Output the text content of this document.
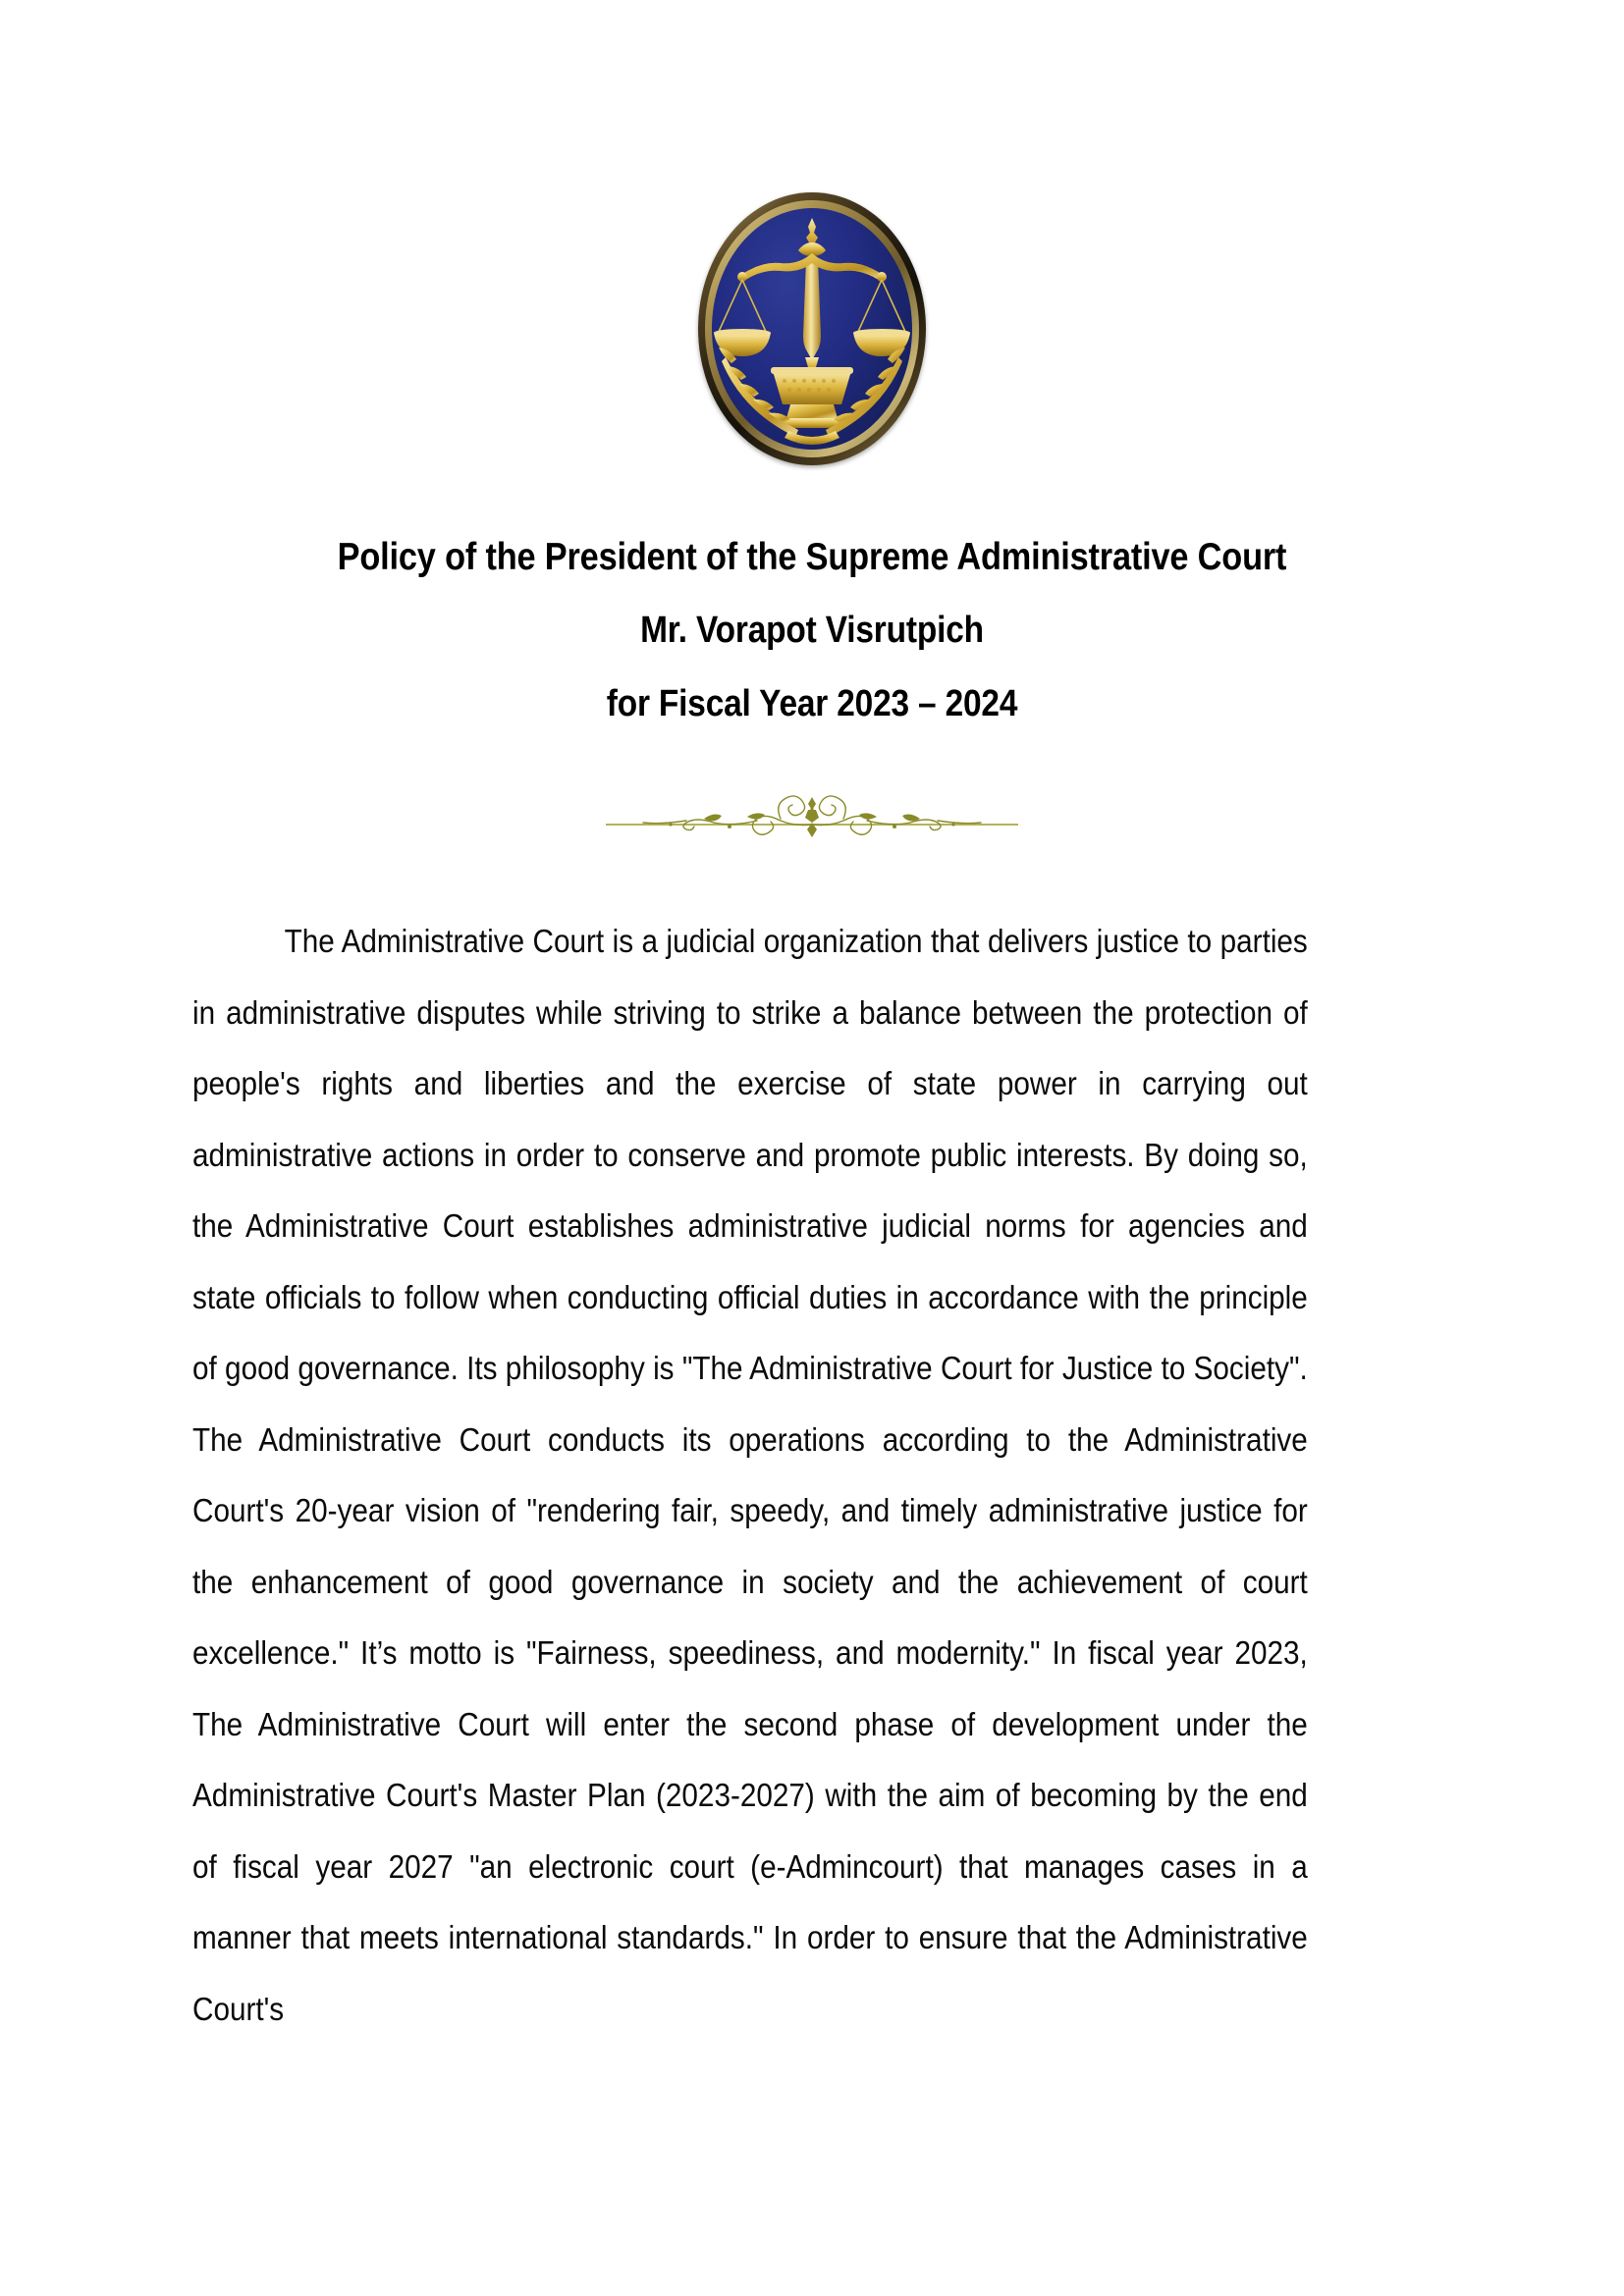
Policy of the President of the Supreme Administrative Court
Mr. Vorapot Visrutpich
for Fiscal Year 2023 – 2024

The Administrative Court is a judicial organization that delivers justice to parties in administrative disputes while striving to strike a balance between the protection of people's rights and liberties and the exercise of state power in carrying out administrative actions in order to conserve and promote public interests. By doing so, the Administrative Court establishes administrative judicial norms for agencies and state officials to follow when conducting official duties in accordance with the principle of good governance. Its philosophy is "The Administrative Court for Justice to Society". The Administrative Court conducts its operations according to the Administrative Court's 20-year vision of "rendering fair, speedy, and timely administrative justice for the enhancement of good governance in society and the achievement of court excellence." It’s motto is "Fairness, speediness, and modernity." In fiscal year 2023, The Administrative Court will enter the second phase of development under the Administrative Court's Master Plan (2023-2027) with the aim of becoming by the end of fiscal year 2027 "an electronic court (e-Admincourt) that manages cases in a manner that meets international standards." In order to ensure that the Administrative Court's
